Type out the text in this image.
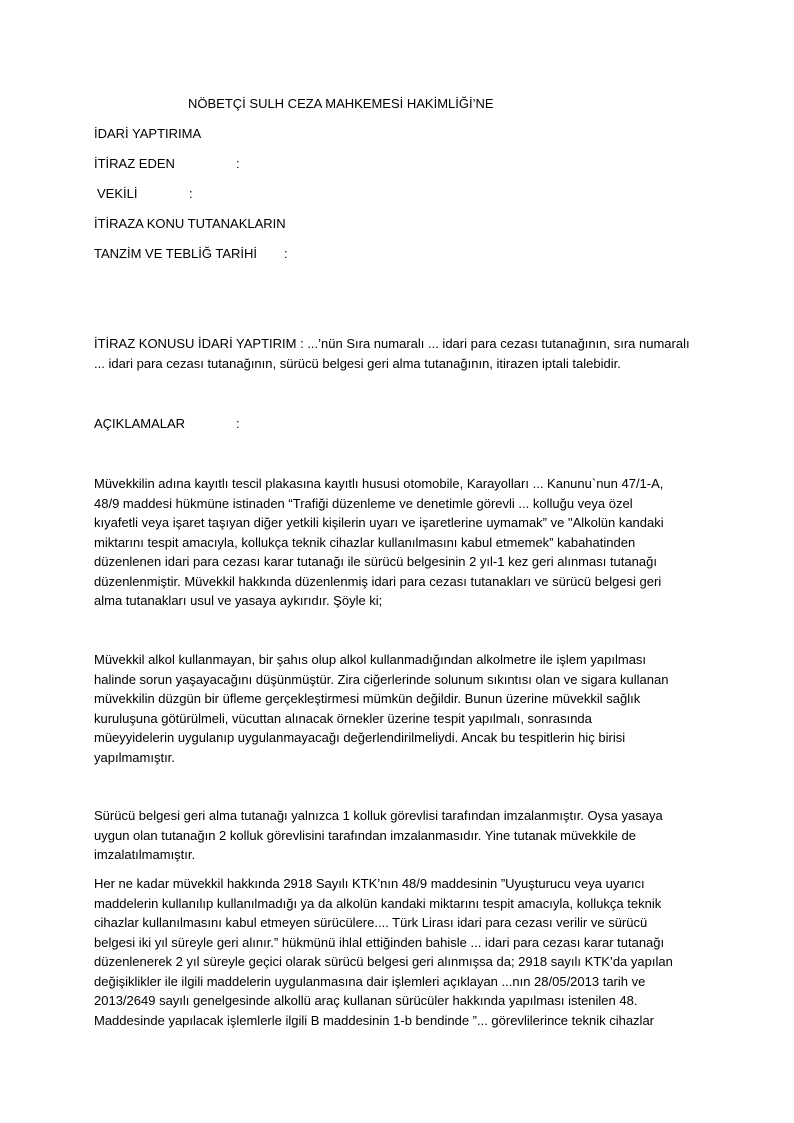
NÖBETÇİ SULH CEZA MAHKEMESİ HAKİMLİĞİ’NE
İDARİ YAPTIRIMA
İTİRAZ EDEN	:
VEKİLİ	:
İTİRAZA KONU TUTANAKLARIN
TANZİM VE TEBLİĞ TARİHİ :
İTİRAZ KONUSU İDARİ YAPTIRIM : ...’nün Sıra numaralı ... idari para cezası tutanağının, sıra numaralı
... idari para cezası tutanağının, sürücü belgesi geri alma tutanağının, itirazen iptali talebidir.
AÇIKLAMALAR	:

Müvekkilin adına kayıtlı tescil plakasına kayıtlı hususi otomobile, Karayolları ... Kanunu`nun 47/1-A,

48/9 maddesi hükmüne istinaden “Trafiği düzenleme ve denetimle görevli ... kolluğu veya özel

kıyafetli veya işaret taşıyan diğer yetkili kişilerin uyarı ve işaretlerine uymamak” ve "Alkolün kandaki

miktarını tespit amacıyla, kollukça teknik cihazlar kullanılmasını kabul etmemek” kabahatinden

düzenlenen idari para cezası karar tutanağı ile sürücü belgesinin 2 yıl-1 kez geri alınması tutanağı

düzenlenmiştir. Müvekkil hakkında düzenlenmiş idari para cezası tutanakları ve sürücü belgesi geri

alma tutanakları usul ve yasaya aykırıdır. Şöyle ki;

Müvekkil alkol kullanmayan, bir şahıs olup alkol kullanmadığından alkolmetre ile işlem yapılması

halinde sorun yaşayacağını düşünmüştür. Zira ciğerlerinde solunum sıkıntısı olan ve sigara kullanan

müvekkilin düzgün bir üfleme gerçekleştirmesi mümkün değildir. Bunun üzerine müvekkil sağlık

kuruluşuna götürülmeli, vücuttan alınacak örnekler üzerine tespit yapılmalı, sonrasında

müeyyidelerin uygulanıp uygulanmayacağı değerlendirilmeliydi. Ancak bu tespitlerin hiç birisi

yapılmamıştır.

Sürücü belgesi geri alma tutanağı yalnızca 1 kolluk görevlisi tarafından imzalanmıştır. Oysa yasaya

uygun olan tutanağın 2 kolluk görevlisini tarafından imzalanmasıdır. Yine tutanak müvekkile de

imzalatılmamıştır.

Her ne kadar müvekkil hakkında 2918 Sayılı KTK’nın 48/9 maddesinin ”Uyuşturucu veya uyarıcı

maddelerin kullanılıp kullanılmadığı ya da alkolün kandaki miktarını tespit amacıyla, kollukça teknik

cihazlar kullanılmasını kabul etmeyen sürücülere.... Türk Lirası idari para cezası verilir ve sürücü

belgesi iki yıl süreyle geri alınır.” hükmünü ihlal ettiğinden bahisle ... idari para cezası karar tutanağı

düzenlenerek 2 yıl süreyle geçici olarak sürücü belgesi geri alınmışsa da; 2918 sayılı KTK’da yapılan

değişiklikler ile ilgili maddelerin uygulanmasına dair işlemleri açıklayan ...nın 28/05/2013 tarih ve

2013/2649 sayılı genelgesinde alkollü araç kullanan sürücüler hakkında yapılması istenilen 48.

Maddesinde yapılacak işlemlerle ilgili B maddesinin 1-b bendinde ”... görevlilerince teknik cihazlar
